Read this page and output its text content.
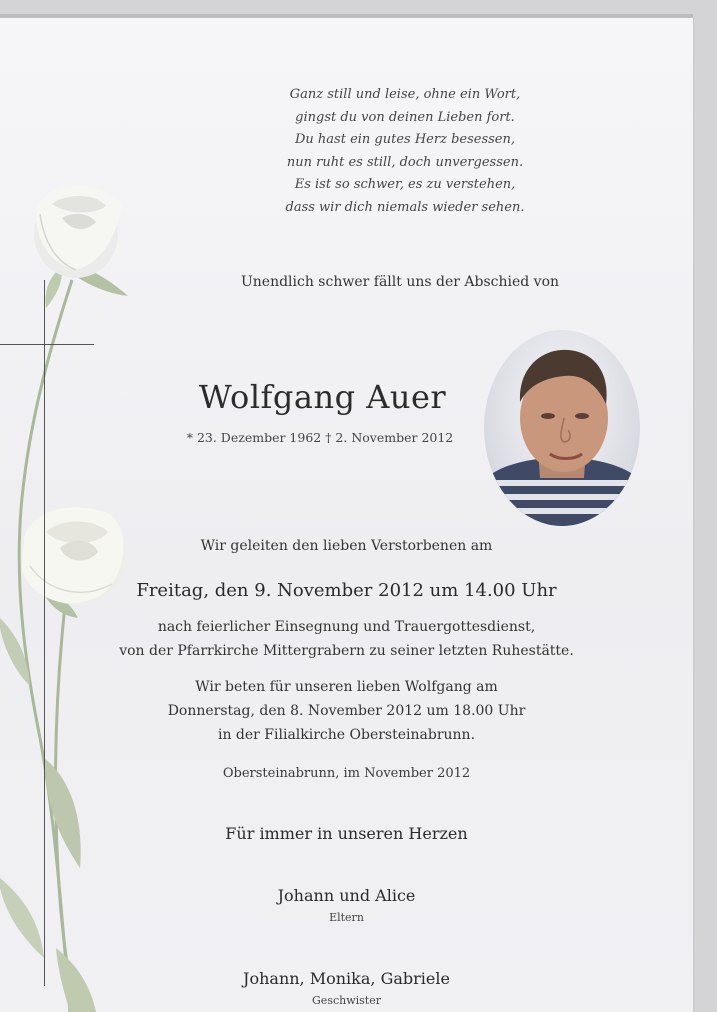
Ganz still und leise, ohne ein Wort,
gingst du von deinen Lieben fort.
Du hast ein gutes Herz besessen,
nun ruht es still, doch unvergessen.
Es ist so schwer, es zu verstehen,
dass wir dich niemals wieder sehen.
Unendlich schwer fällt uns der Abschied von
Wolfgang Auer
* 23. Dezember 1962 † 2. November 2012
Wir geleiten den lieben Verstorbenen am
Freitag, den 9. November 2012 um 14.00 Uhr
nach feierlicher Einsegnung und Trauergottesdienst,
von der Pfarrkirche Mittergrabern zu seiner letzten Ruhestätte.
Wir beten für unseren lieben Wolfgang am
Donnerstag, den 8. November 2012 um 18.00 Uhr
in der Filialkirche Obersteinabrunn.
Obersteinabrunn, im November 2012
Für immer in unseren Herzen
Johann und Alice
Eltern
Johann, Monika, Gabriele
Geschwister
